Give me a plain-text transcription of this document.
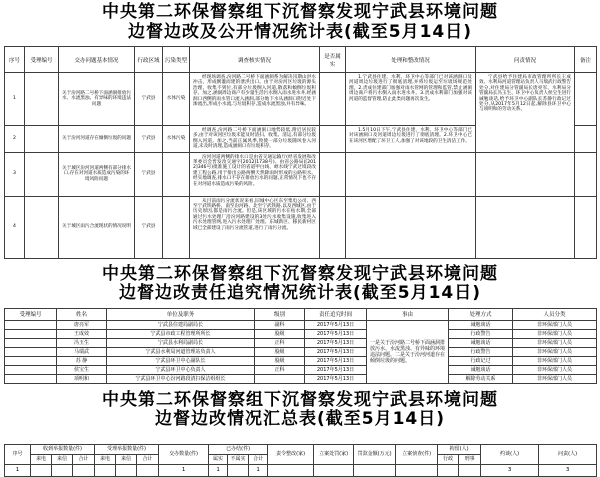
中央第二环保督察组下沉督察发现宁武县环境问题
边督边改及公开情况统计表(截至5月14日)
序号	受理编号	交办问题基本情况	行政区域	污染类型	调查核实情况	是否属实	处理和整改情况	问责情况	备注
1		关于汾河路二号桥下面涵洞排放污水、水流黑浊、有异味的环境违法问题	宁武县	水体污染	经现场调查,汾河路二号桥下面涵洞系为解决汛期山洪水冲击、形成倒灌而建的泄洪出口。由于对汾河区垃圾的源头治理、收集不到位,有部分垃圾倒入河道,散落和倾倒垃圾积存。加之,涵洞周边商户有少量生活污水倒入雨水进水井,经涵洞口西侧的雨水管口流入涵洞,部分地下水从涵洞口附近处下渗流出,形成小水流,与垃圾积存,造成水流黑浊,并有异味。		1.宁武县住建、水利、环卫中心等部门已对该涵洞口及河道周边垃圾进行了彻底清理,并将垃圾运至垃圾场规范处理。2.责成住建部门加强对雨水管网的管理和监管,禁止涵洞周边商户将污水倒入雨水进水井。3.责成水利部门加强对该河道的监督管理,防止此类问题再次发生。	宁武县给予住建局市政管理所所长王成效、水利局河道管理站负责人马瑞武行政警告处分,对住建局分管副局长唐亮军、水利局分管副局长冯玉生、环卫中心负责人侯宝生进行诫勉谈话,给予环卫中心副队长苏静行政记过处分,从2017年5月12日起,解除县环卫中心与项明和的劳动关系。	
2		关于汾河河道存在倾倒垃圾的问题	宁武县	水体污染	经调查,汾河路二号桥下面涵洞口地势较低,附近居民较多,由于对该河区垃圾未能及时清扫、收集、清运,有部分垃圾倒入河道。加之,当前正属风季,致使一部分垃圾随风卷入河道,未及时清理,造成涵洞口有垃圾积存。		1.5月10日下午,宁武县住建、水利、环卫中心等部门已对该涵洞口及河道周边垃圾进行了彻底清理。2.环卫中心已在该河区增配了环卫工人,加强了对该地段的卫生清洁工作。		
3		关于城区汾河河道两侧有部分排水口,存在对河道水质造成污染的环境风险问题	宁武县		汾河河道两侧的排水口是由省交通运输厅(经省发展和改革委员会晋发改交通字[2012]1738号)、由省公路局([2012]346号)批准施工设计的省道甲白线、崞水线宁武过境段改建工程公路,用于排出公路两侧天然降雨时形成的公路积水。经实地调查,排水口不存在排放污水的问题,正常情况下也不存在对河道水质造成污染的风险。				
4		关于城区雨污合流现状的情况说明	宁武县		从目前雨污分流状况来看,旧城中心区东至集电公司、西至宁武铁路桥、南至汾河路、北至宁武铁路,以及西城区,由于历史原因,都是雨污合流。但是,该区域的污水在枯水期,全部通过污水处理厂沿汾河路建设的3处污水收集设施,收集进入污水处理管网,进入污水处理厂处理。东城新区、移民新村区域已全部建设了雨污分流管道,进行了雨污分流。				
中央第二环保督察组下沉督察发现宁武县环境问题
边督边改责任追究情况统计表(截至5月14日)
受理编号	姓名	单位及职务	级别	责任追究时间	事由	处理方式	人员分类
	唐亮军	宁武县住建局副局长	副科	2017年5月13日	一是关于汾河路二号桥下面涵洞排放污水、水流黑浊、有异味的环境违法问题。二是关于汾河河道存在倾倒垃圾的问题。	诫勉谈话	非环保部门人员
	王成效	宁武县市政工程管理所所长	股级	2017年5月13日		行政警告	非环保部门人员
	冯玉生	宁武县水利局副局长	正科	2017年5月13日		诫勉谈话	非环保部门人员
	马瑞武	宁武县水利局河道管理站负责人	股级	2017年5月13日		行政警告	非环保部门人员
	苏 静	宁武县环卫中心副队长	股级	2017年5月13日		行政记过	非环保部门人员
	侯宝生	宁武县环卫中心负责人	正科	2017年5月13日		诫勉谈话	非环保部门人员
	项明和	宁武县环卫中心汾河路段清扫保洁组组长		2017年5月13日		解除劳动关系	非环保部门人员
中央第二环保督察组下沉督察发现宁武县环境问题
边督边改情况汇总表(截至5月14日)
序号	收到举报数量(件)			受理举报数量(件)			交办数量(件)	已办结(件)			责令整改(家)	立案处罚(家)	罚款金额(万元)	立案侦查(件)	拘留(人)		约谈(人)	问责(人)
	来电	来信	合计	来电	来信	合计		属实	不属实	合计					行政	刑事		
1							1	1		1							3	3
